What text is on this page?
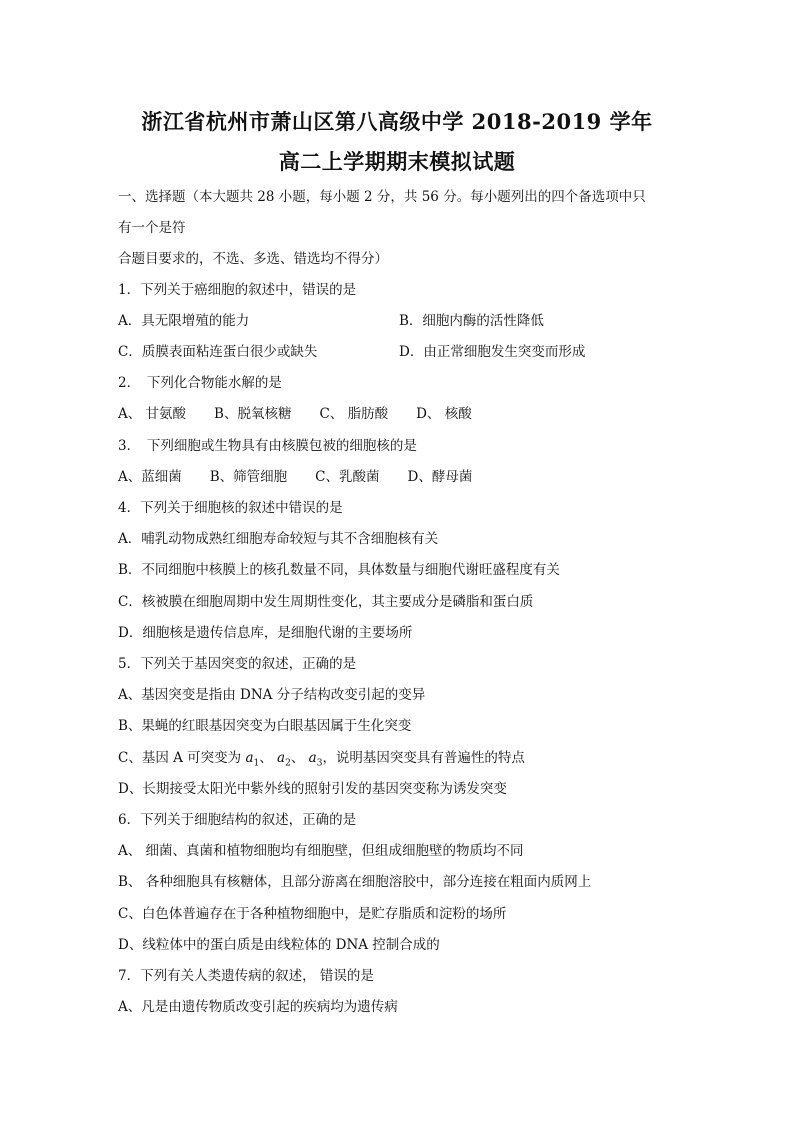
浙江省杭州市萧山区第八高级中学 2018-2019 学年
高二上学期期末模拟试题
一、选择题（本大题共 28 小题，每小题 2 分，共 56 分。每小题列出的四个备选项中只
有一个是符
合题目要求的，不选、多选、错选均不得分）
1．下列关于癌细胞的叙述中，错误的是
A．具无限增殖的能力	B．细胞内酶的活性降低
C．质膜表面粘连蛋白很少或缺失	D．由正常细胞发生突变而形成
2．　下列化合物能水解的是
A、 甘氨酸 B、脱氧核糖 C、 脂肪酸 D、 核酸
3．　下列细胞或生物具有由核膜包被的细胞核的是
A、蓝细菌 B、筛管细胞 C、乳酸菌 D、酵母菌
4．下列关于细胞核的叙述中错误的是
A．哺乳动物成熟红细胞寿命较短与其不含细胞核有关
B．不同细胞中核膜上的核孔数量不同，具体数量与细胞代谢旺盛程度有关
C．核被膜在细胞周期中发生周期性变化，其主要成分是磷脂和蛋白质
D．细胞核是遗传信息库，是细胞代谢的主要场所
5．下列关于基因突变的叙述，正确的是
A、基因突变是指由 DNA 分子结构改变引起的变异
B、果蝇的红眼基因突变为白眼基因属于生化突变
C、基因 A 可突变为 $a_1$、 $a_2$、 $a_3$，说明基因突变具有普遍性的特点
D、长期接受太阳光中紫外线的照射引发的基因突变称为诱发突变
6．下列关于细胞结构的叙述，正确的是
A、 细菌、真菌和植物细胞均有细胞壁，但组成细胞壁的物质均不同
B、 各种细胞具有核糖体，且部分游离在细胞溶胶中，部分连接在粗面内质网上
C、白色体普遍存在于各种植物细胞中，是贮存脂质和淀粉的场所
D、线粒体中的蛋白质是由线粒体的 DNA 控制合成的
7．下列有关人类遗传病的叙述， 错误的是
A、凡是由遗传物质改变引起的疾病均为遗传病
